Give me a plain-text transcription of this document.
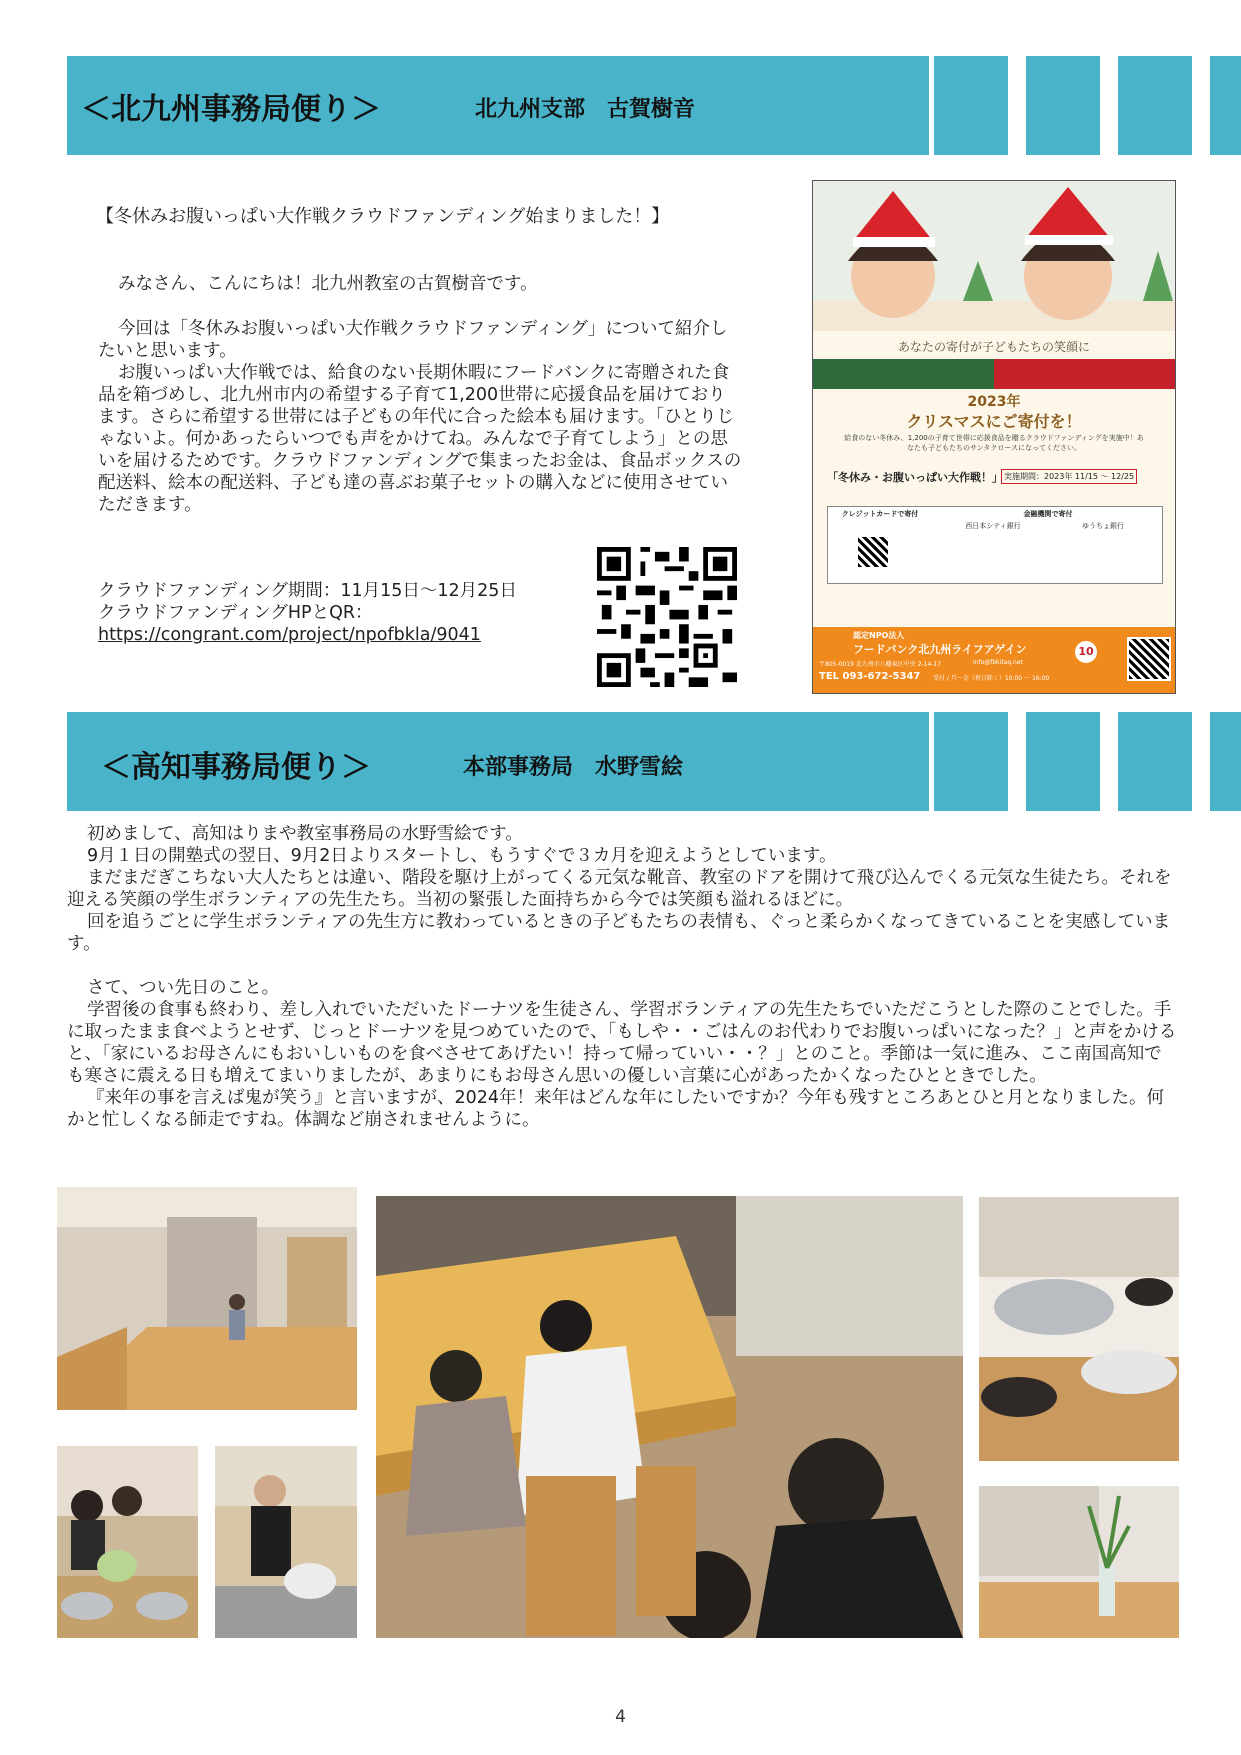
＜北九州事務局便り＞	北九州支部　古賀樹音
【冬休みお腹いっぱい大作戦クラウドファンディング始まりました！】

みなさん、こんにちは！北九州教室の古賀樹音です。

今回は「冬休みお腹いっぱい大作戦クラウドファンディング」について紹介したいと思います。

お腹いっぱい大作戦では、給食のない長期休暇にフードバンクに寄贈された食品を箱づめし、北九州市内の希望する子育て1,200世帯に応援食品を届けております。さらに希望する世帯には子どもの年代に合った絵本も届けます。「ひとりじゃないよ。何かあったらいつでも声をかけてね。みんなで子育てしよう」との思いを届けるためです。クラウドファンディングで集まったお金は、食品ボックスの配送料、絵本の配送料、子ども達の喜ぶお菓子セットの購入などに使用させていただきます。

クラウドファンディング期間：11月15日～12月25日

クラウドファンディングHPとQR：

https://congrant.com/project/npofbkla/9041

あなたの寄付が子どもたちの笑顔に
2023年
クリスマスにご寄付を！
給食のない冬休み、1,200の子育て世帯に応援食品を贈るクラウドファンディングを実施中！あなたも子どもたちのサンタクロースになってください。
「冬休み・お腹いっぱい大作戦！」 実施期間：2023年 11/15 ～ 12/25
クレジットカードで寄付	金融機関で寄付
西日本シティ銀行	ゆうちょ銀行
認定NPO法人
フードバンク北九州ライフアゲイン
〒805-0019 北九州市八幡東区中央 2-14-17	info@fbkitaq.net
TEL 093-672-5347 受付 / 月～金（祝日除く）10:00 ～ 16:00
10
＜高知事務局便り＞	本部事務局　水野雪絵

初めまして、高知はりまや教室事務局の水野雪絵です。

9月１日の開塾式の翌日、9月2日よりスタートし、もうすぐで３カ月を迎えようとしています。

まだまだぎこちない大人たちとは違い、階段を駆け上がってくる元気な靴音、教室のドアを開けて飛び込んでくる元気な生徒たち。それを迎える笑顔の学生ボランティアの先生たち。当初の緊張した面持ちから今では笑顔も溢れるほどに。

回を追うごとに学生ボランティアの先生方に教わっているときの子どもたちの表情も、ぐっと柔らかくなってきていることを実感しています。

さて、つい先日のこと。

学習後の食事も終わり、差し入れでいただいたドーナツを生徒さん、学習ボランティアの先生たちでいただこうとした際のことでした。手に取ったまま食べようとせず、じっとドーナツを見つめていたので、「もしや・・ごはんのお代わりでお腹いっぱいになった？」と声をかけると、「家にいるお母さんにもおいしいものを食べさせてあげたい！持って帰っていい・・？」とのこと。季節は一気に進み、ここ南国高知でも寒さに震える日も増えてまいりましたが、あまりにもお母さん思いの優しい言葉に心があったかくなったひとときでした。

『来年の事を言えば鬼が笑う』と言いますが、2024年！来年はどんな年にしたいですか？今年も残すところあとひと月となりました。何かと忙しくなる師走ですね。体調など崩されませんように。

4
